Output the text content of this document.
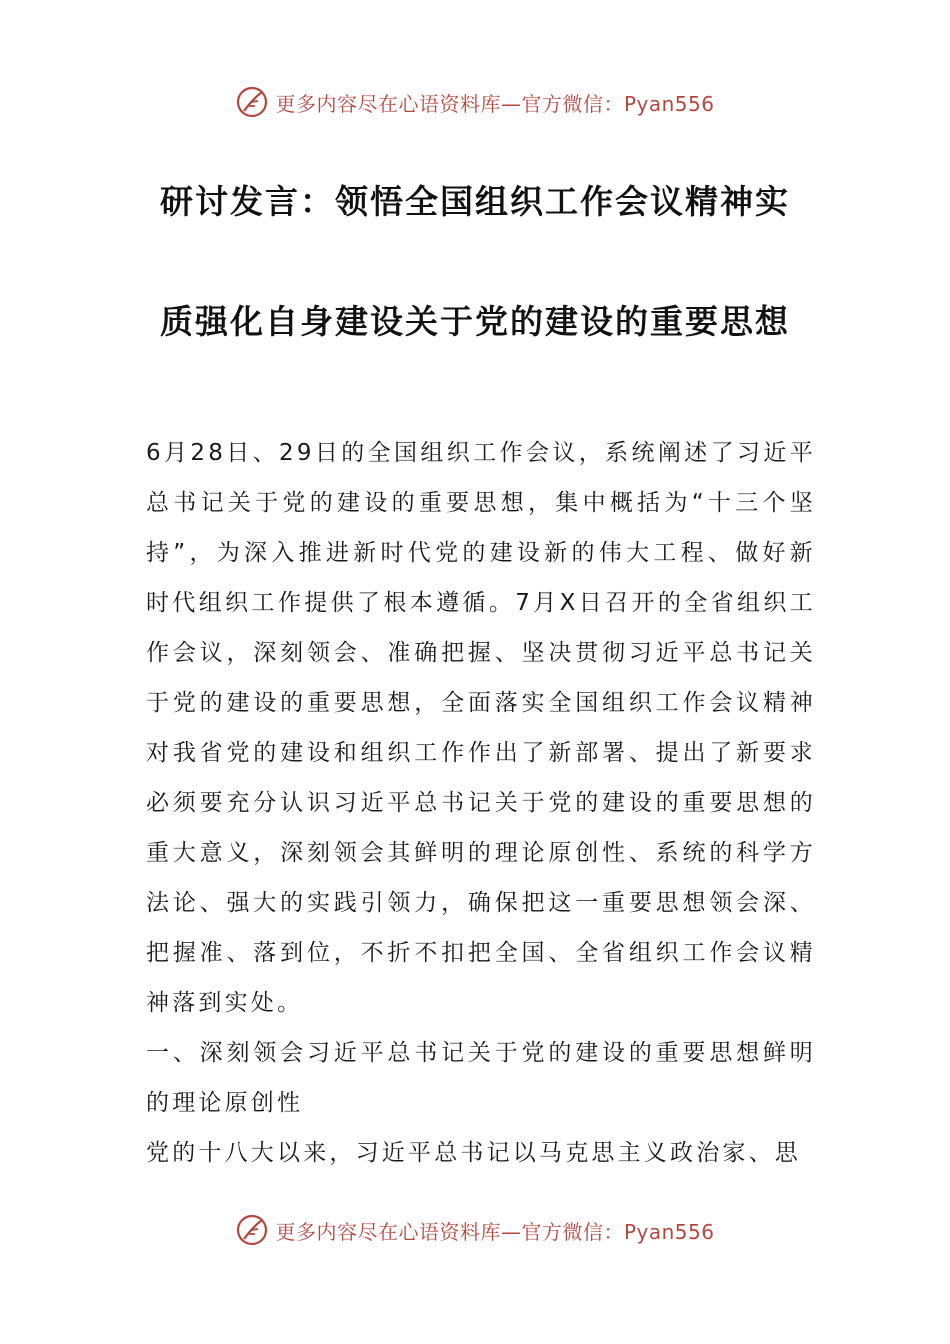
更多内容尽在心语资料库—官方微信：Pyan556
研讨发言：领悟全国组织工作会议精神实
质强化自身建设关于党的建设的重要思想

6月28日、29日的全国组织工作会议，系统阐述了习近平总书记关于党的建设的重要思想，集中概括为“十三个坚持”，为深入推进新时代党的建设新的伟大工程、做好新时代组织工作提供了根本遵循。7月X日召开的全省组织工作会议，深刻领会、准确把握、坚决贯彻习近平总书记关于党的建设的重要思想，全面落实全国组织工作会议精神对我省党的建设和组织工作作出了新部署、提出了新要求必须要充分认识习近平总书记关于党的建设的重要思想的重大意义，深刻领会其鲜明的理论原创性、系统的科学方法论、强大的实践引领力，确保把这一重要思想领会深、把握准、落到位，不折不扣把全国、全省组织工作会议精神落到实处。

一、深刻领会习近平总书记关于党的建设的重要思想鲜明的理论原创性

党的十八大以来，习近平总书记以马克思主义政治家、思

更多内容尽在心语资料库—官方微信：Pyan556
